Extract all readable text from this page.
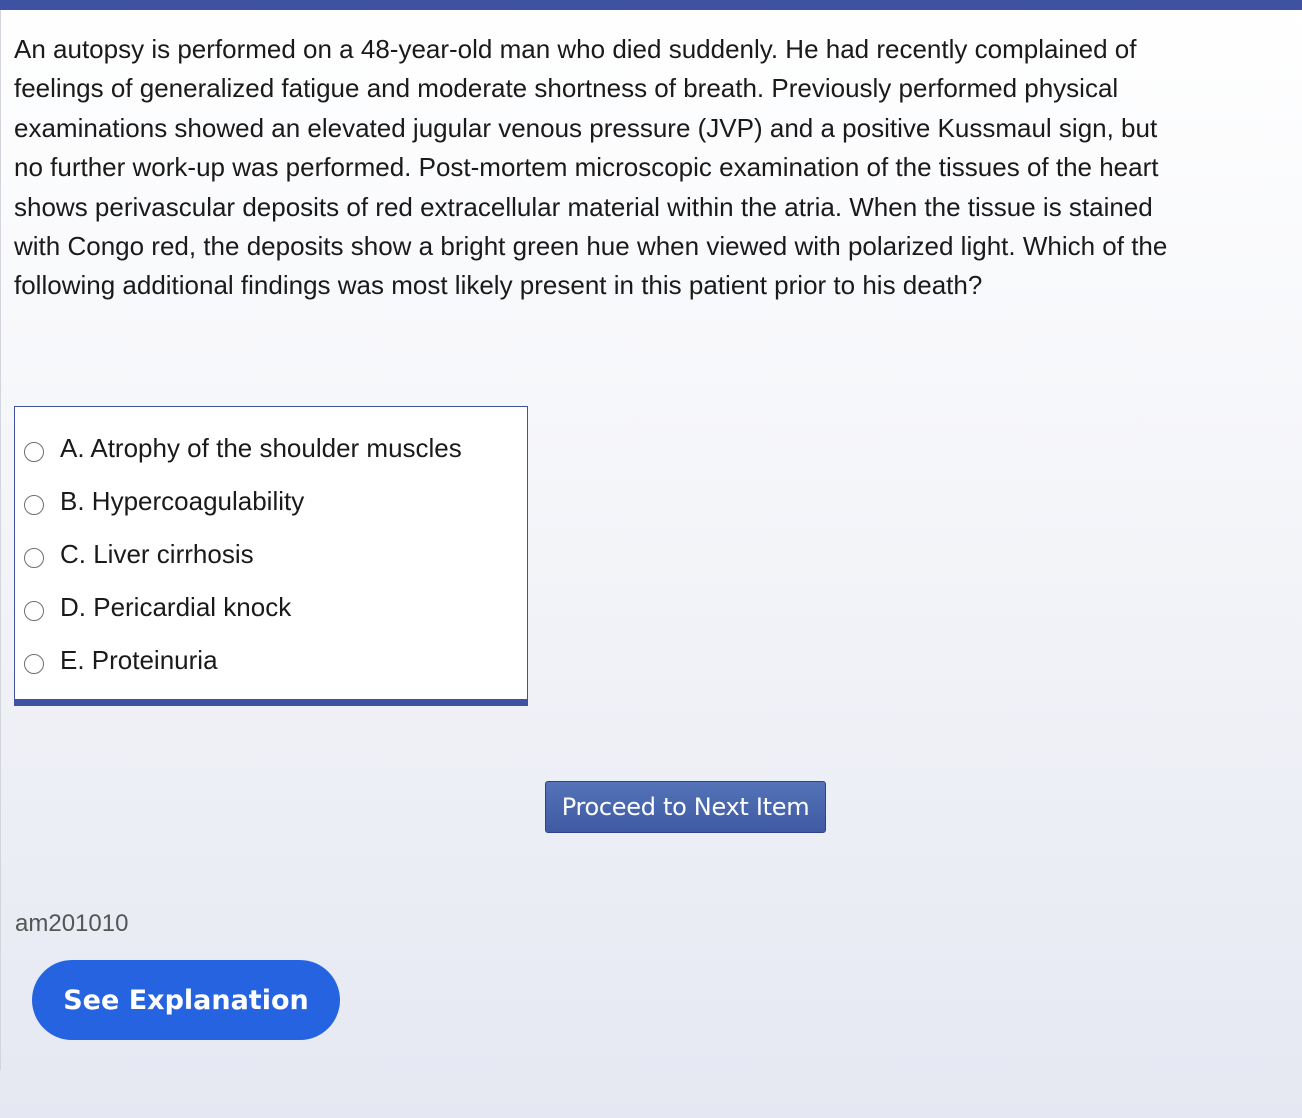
An autopsy is performed on a 48-year-old man who died suddenly. He had recently complained of feelings of generalized fatigue and moderate shortness of breath. Previously performed physical examinations showed an elevated jugular venous pressure (JVP) and a positive Kussmaul sign, but no further work-up was performed. Post-mortem microscopic examination of the tissues of the heart shows perivascular deposits of red extracellular material within the atria. When the tissue is stained with Congo red, the deposits show a bright green hue when viewed with polarized light. Which of the following additional findings was most likely present in this patient prior to his death?

A. Atrophy of the shoulder muscles
B. Hypercoagulability
C. Liver cirrhosis
D. Pericardial knock
E. Proteinuria
Proceed to Next Item
am201010
See Explanation
